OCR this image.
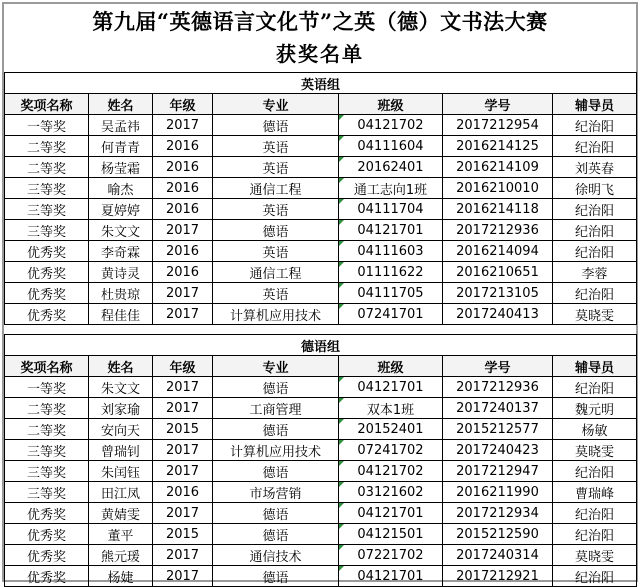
第九届“英德语言文化节”之英（德）文书法大赛
获奖名单
英语组						
奖项名称	姓名	年级	专业	班级	学号	辅导员
一等奖	吴孟祎	2017	德语	04121702	2017212954	纪治阳
二等奖	何青青	2016	英语	04111604	2016214125	纪治阳
二等奖	杨莹霜	2016	英语	20162401	2016214109	刘英春
三等奖	喻杰	2016	通信工程	通工志向1班	2016210010	徐明飞
三等奖	夏婷婷	2016	英语	04111704	2016214118	纪治阳
三等奖	朱文文	2017	德语	04121701	2017212936	纪治阳
优秀奖	李奇霖	2016	英语	04111603	2016214094	纪治阳
优秀奖	黄诗灵	2016	通信工程	01111622	2016210651	李蓉
优秀奖	杜贵琼	2017	英语	04111705	2017213105	纪治阳
优秀奖	程佳佳	2017	计算机应用技术	07241701	2017240413	莫晓雯
德语组						
奖项名称	姓名	年级	专业	班级	学号	辅导员
一等奖	朱文文	2017	德语	04121701	2017212936	纪治阳
二等奖	刘家瑜	2017	工商管理	双本1班	2017240137	魏元明
二等奖	安向天	2015	德语	20152401	2015212577	杨敏
三等奖	曾瑞钊	2017	计算机应用技术	07241702	2017240423	莫晓雯
三等奖	朱闰钰	2017	德语	04121702	2017212947	纪治阳
三等奖	田江凤	2016	市场营销	03121602	2016211990	曹瑞峰
优秀奖	黄婧雯	2017	德语	04121701	2017212934	纪治阳
优秀奖	董平	2015	德语	04121501	2015212590	纪治阳
优秀奖	熊元瑗	2017	通信技术	07221702	2017240314	莫晓雯
优秀奖	杨婕	2017	德语	04121701	2017212921	纪治阳
